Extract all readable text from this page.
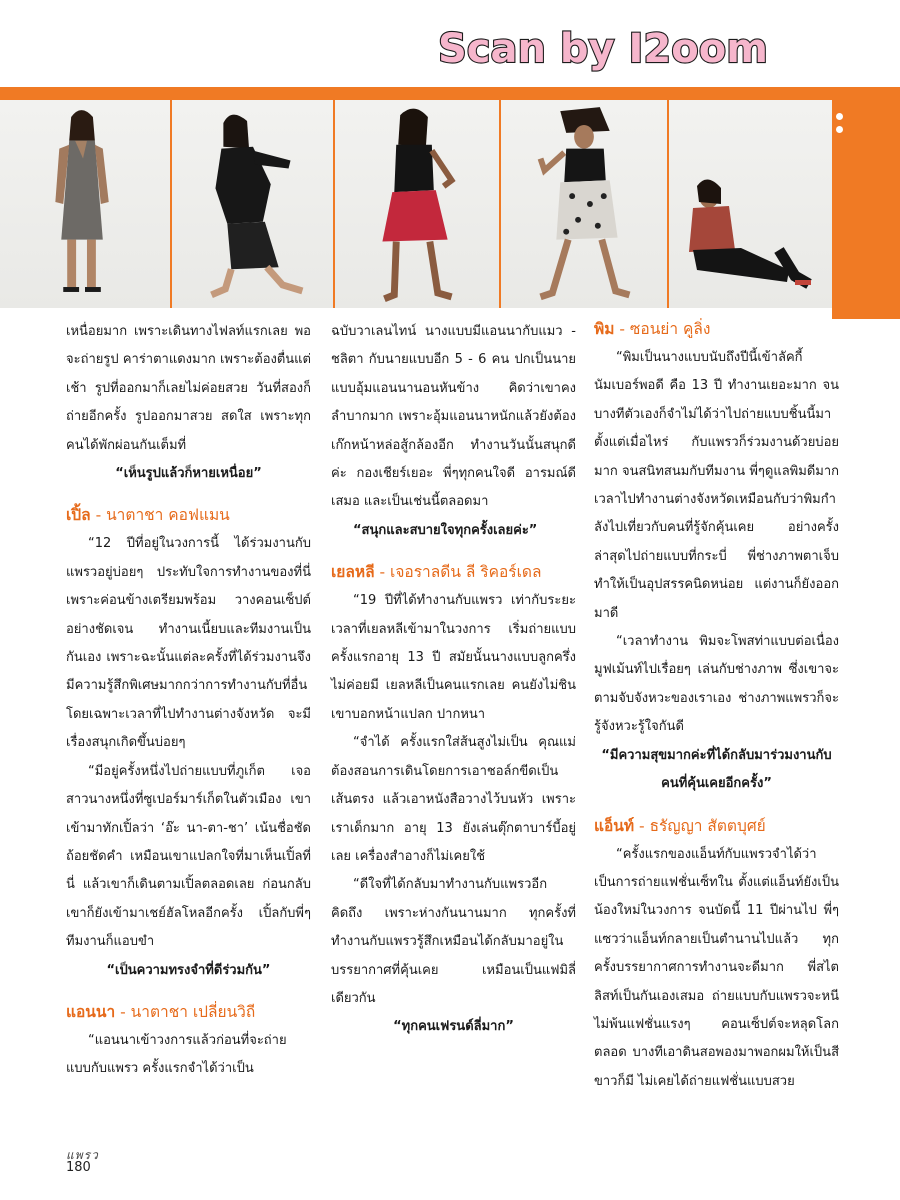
Scan by I2oom

เหนื่อยมาก เพราะเดินทางไฟลท์แรกเลย พอจะถ่ายรูป คาร่าตาแดงมาก เพราะต้องตื่นแต่เช้า รูปที่ออกมาก็เลยไม่ค่อยสวย วันที่สองก็ถ่ายอีกครั้ง รูปออกมาสวย สดใส เพราะทุกคนได้พักผ่อนกันเต็มที่

“เห็นรูปแล้วก็หายเหนื่อย”

เปิ้ล - นาตาชา คอฟแมน

“12 ปีที่อยู่ในวงการนี้ ได้ร่วมงานกับแพรวอยู่บ่อยๆ ประทับใจการทำงานของที่นี่ เพราะค่อนข้างเตรียมพร้อม วางคอนเซ็ปต์อย่างชัดเจน ทำงานเนี้ยบและทีมงานเป็นกันเอง เพราะฉะนั้นแต่ละครั้งที่ได้ร่วมงานจึงมีความรู้สึกพิเศษมากกว่าการทำงานกับที่อื่น โดยเฉพาะเวลาที่ไปทำงานต่างจังหวัด จะมีเรื่องสนุกเกิดขึ้นบ่อยๆ

“มีอยู่ครั้งหนึ่งไปถ่ายแบบที่ภูเก็ต เจอสาวนางหนึ่งที่ซูเปอร์มาร์เก็ตในตัวเมือง เขาเข้ามาทักเปิ้ลว่า ‘อ๊ะ นา-ตา-ชา’ เน้นชื่อชัดถ้อยชัดคำ เหมือนเขาแปลกใจที่มาเห็นเปิ้ลที่นี่ แล้วเขาก็เดินตามเปิ้ลตลอดเลย ก่อนกลับเขาก็ยังเข้ามาเชย์ฮัลโหลอีกครั้ง เปิ้ลกับพี่ๆทีมงานก็แอบขำ

“เป็นความทรงจำที่ดีร่วมกัน”

แอนนา - นาตาชา เปลี่ยนวิถี

“แอนนาเข้าวงการแล้วก่อนที่จะถ่ายแบบกับแพรว ครั้งแรกจำได้ว่าเป็น

ฉบับวาเลนไทน์ นางแบบมีแอนนากับแมว - ชลิตา กับนายแบบอีก 5 - 6 คน ปกเป็นนายแบบอุ้มแอนนานอนหันข้าง คิดว่าเขาคงลำบากมาก เพราะอุ้มแอนนาหนักแล้วยังต้องเก๊กหน้าหล่อสู้กล้องอีก ทำงานวันนั้นสนุกดีค่ะ กองเชียร์เยอะ พี่ๆทุกคนใจดี อารมณ์ดีเสมอ และเป็นเช่นนี้ตลอดมา

“สนุกและสบายใจทุกครั้งเลยค่ะ”

เยลหลี - เจอราลดีน ลี ริคอร์เดล

“19 ปีที่ได้ทำงานกับแพรว เท่ากับระยะเวลาที่เยลหลีเข้ามาในวงการ เริ่มถ่ายแบบครั้งแรกอายุ 13 ปี สมัยนั้นนางแบบลูกครึ่งไม่ค่อยมี เยลหลีเป็นคนแรกเลย คนยังไม่ชิน เขาบอกหน้าแปลก ปากหนา

“จำได้ ครั้งแรกใส่ส้นสูงไม่เป็น คุณแม่ต้องสอนการเดินโดยการเอาชอล์กขีดเป็นเส้นตรง แล้วเอาหนังสือวางไว้บนหัว เพราะเราเด็กมาก อายุ 13 ยังเล่นตุ๊กตาบาร์บี้อยู่เลย เครื่องสำอางก็ไม่เคยใช้

“ดีใจที่ได้กลับมาทำงานกับแพรวอีก คิดถึง เพราะห่างกันนานมาก ทุกครั้งที่ทำงานกับแพรวรู้สึกเหมือนได้กลับมาอยู่ในบรรยากาศที่คุ้นเคย เหมือนเป็นแฟมิลี่เดียวกัน

“ทุกคนเฟรนด์ลี่มาก”

พิม - ซอนย่า คูลิ่ง

“พิมเป็นนางแบบนับถึงปีนี้เข้าลัคกี้นัมเบอร์พอดี คือ 13 ปี ทำงานเยอะมาก จนบางทีตัวเองก็จำไม่ได้ว่าไปถ่ายแบบชิ้นนี้มาตั้งแต่เมื่อไหร่ กับแพรวก็ร่วมงานด้วยบ่อยมาก จนสนิทสนมกับทีมงาน พี่ๆดูแลพิมดีมาก เวลาไปทำงานต่างจังหวัดเหมือนกับว่าพิมกำลังไปเที่ยวกับคนที่รู้จักคุ้นเคย อย่างครั้งล่าสุดไปถ่ายแบบที่กระบี่ พี่ช่างภาพตาเจ็บทำให้เป็นอุปสรรคนิดหน่อย แต่งานก็ยังออกมาดี

“เวลาทำงาน พิมจะโพสท่าแบบต่อเนื่อง มูฟเม้นท์ไปเรื่อยๆ เล่นกับช่างภาพ ซึ่งเขาจะตามจับจังหวะของเราเอง ช่างภาพแพรวก็จะรู้จังหวะรู้ใจกันดี

“มีความสุขมากค่ะที่ได้กลับมาร่วมงานกับคนที่คุ้นเคยอีกครั้ง”

แอ็นท์ - ธรัญญา สัตตบุศย์

“ครั้งแรกของแอ็นท์กับแพรวจำได้ว่าเป็นการถ่ายแฟชั่นเซ็ทใน ตั้งแต่แอ็นท์ยังเป็นน้องใหม่ในวงการ จนบัดนี้ 11 ปีผ่านไป พี่ๆแซวว่าแอ็นท์กลายเป็นตำนานไปแล้ว ทุกครั้งบรรยากาศการทำงานจะดีมาก พี่สไตลิสท์เป็นกันเองเสมอ ถ่ายแบบกับแพรวจะหนีไม่พ้นแฟชั่นแรงๆ คอนเซ็ปต์จะหลุดโลกตลอด บางทีเอาดินสอพองมาพอกผมให้เป็นสีขาวก็มี ไม่เคยได้ถ่ายแฟชั่นแบบสวย

แพรว
180
